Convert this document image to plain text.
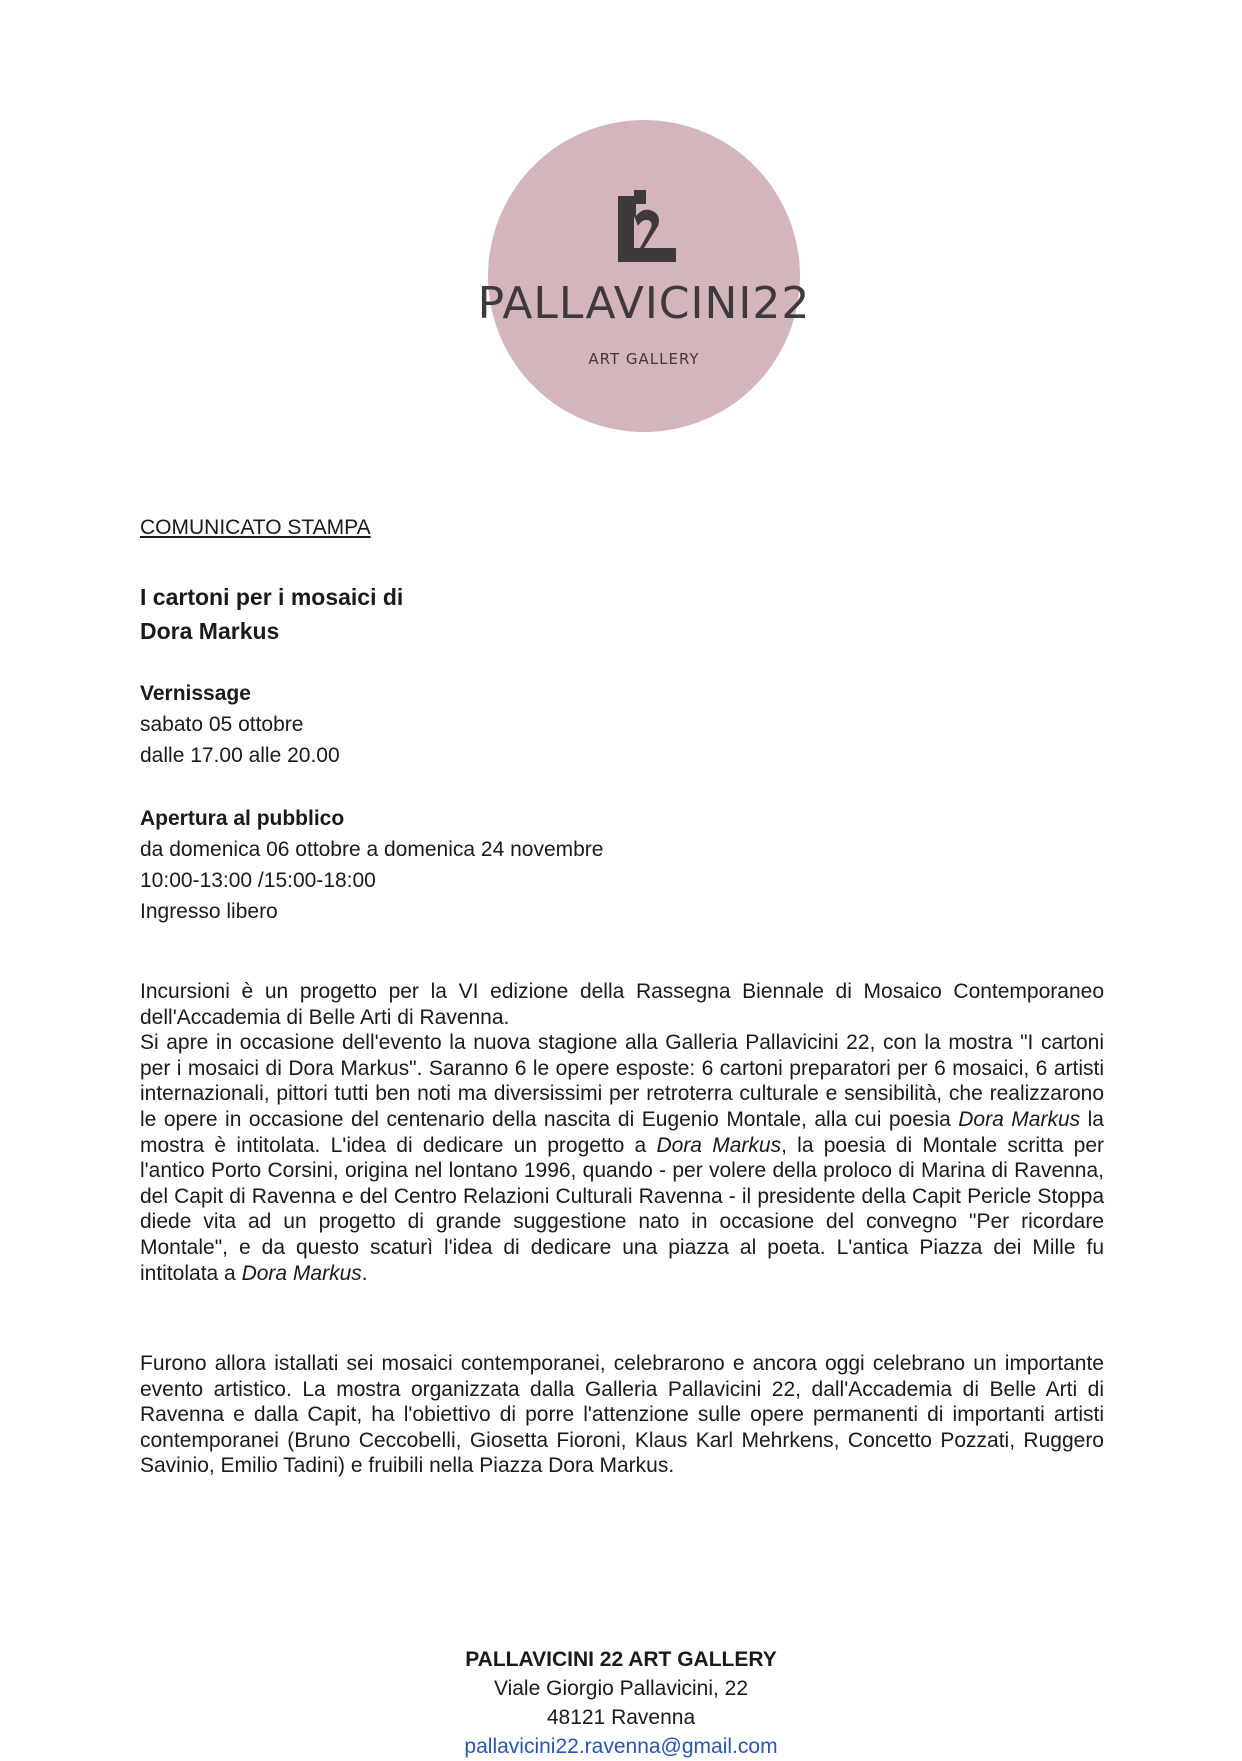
PALLAVICINI22
ART GALLERY
COMUNICATO STAMPA
I cartoni per i mosaici di
Dora Markus
Vernissage
sabato 05 ottobre
dalle 17.00 alle 20.00
Apertura al pubblico
da domenica 06 ottobre a domenica 24 novembre
10:00-13:00 /15:00-18:00
Ingresso libero
Incursioni è un progetto per la VI edizione della Rassegna Biennale di Mosaico Contemporaneo dell'Accademia di Belle Arti di Ravenna.
Si apre in occasione dell'evento la nuova stagione alla Galleria Pallavicini 22, con la mostra "I cartoni per i mosaici di Dora Markus". Saranno 6 le opere esposte: 6 cartoni preparatori per 6 mosaici, 6 artisti internazionali, pittori tutti ben noti ma diversissimi per retroterra culturale e sensibilità, che realizzarono le opere in occasione del centenario della nascita di Eugenio Montale, alla cui poesia Dora Markus la mostra è intitolata. L'idea di dedicare un progetto a Dora Markus, la poesia di Montale scritta per l'antico Porto Corsini, origina nel lontano 1996, quando - per volere della proloco di Marina di Ravenna, del Capit di Ravenna e del Centro Relazioni Culturali Ravenna - il presidente della Capit Pericle Stoppa diede vita ad un progetto di grande suggestione nato in occasione del convegno "Per ricordare Montale", e da questo scaturì l'idea di dedicare una piazza al poeta. L'antica Piazza dei Mille fu intitolata a Dora Markus.
Furono allora istallati sei mosaici contemporanei, celebrarono e ancora oggi celebrano un importante evento artistico. La mostra organizzata dalla Galleria Pallavicini 22, dall'Accademia di Belle Arti di Ravenna e dalla Capit, ha l'obiettivo di porre l'attenzione sulle opere permanenti di importanti artisti contemporanei (Bruno Ceccobelli, Giosetta Fioroni, Klaus Karl Mehrkens, Concetto Pozzati, Ruggero Savinio, Emilio Tadini) e fruibili nella Piazza Dora Markus.
PALLAVICINI 22 ART GALLERY
Viale Giorgio Pallavicini, 22
48121 Ravenna
pallavicini22.ravenna@gmail.com
